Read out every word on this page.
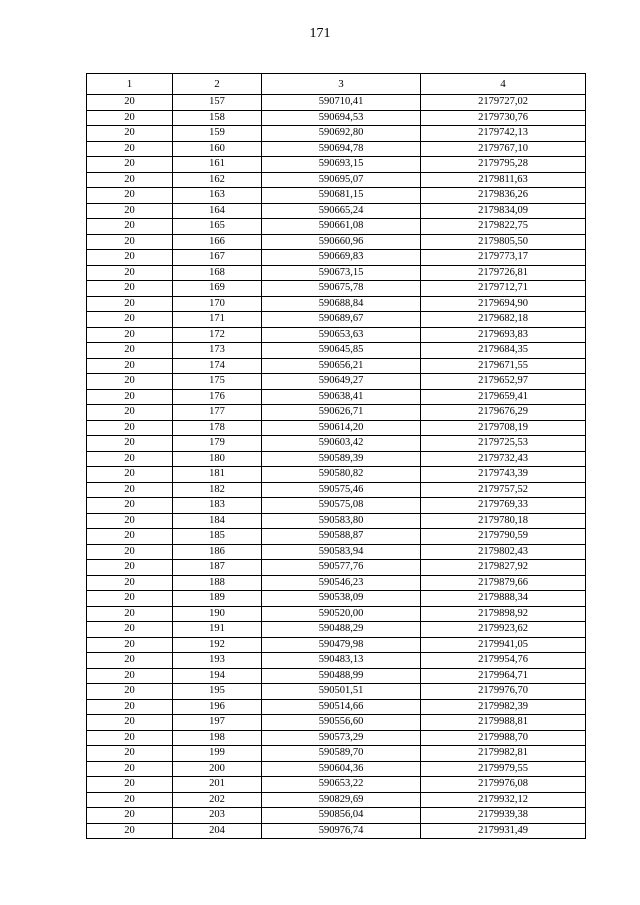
171
1	2	3	4
20	157	590710,41	2179727,02
20	158	590694,53	2179730,76
20	159	590692,80	2179742,13
20	160	590694,78	2179767,10
20	161	590693,15	2179795,28
20	162	590695,07	2179811,63
20	163	590681,15	2179836,26
20	164	590665,24	2179834,09
20	165	590661,08	2179822,75
20	166	590660,96	2179805,50
20	167	590669,83	2179773,17
20	168	590673,15	2179726,81
20	169	590675,78	2179712,71
20	170	590688,84	2179694,90
20	171	590689,67	2179682,18
20	172	590653,63	2179693,83
20	173	590645,85	2179684,35
20	174	590656,21	2179671,55
20	175	590649,27	2179652,97
20	176	590638,41	2179659,41
20	177	590626,71	2179676,29
20	178	590614,20	2179708,19
20	179	590603,42	2179725,53
20	180	590589,39	2179732,43
20	181	590580,82	2179743,39
20	182	590575,46	2179757,52
20	183	590575,08	2179769,33
20	184	590583,80	2179780,18
20	185	590588,87	2179790,59
20	186	590583,94	2179802,43
20	187	590577,76	2179827,92
20	188	590546,23	2179879,66
20	189	590538,09	2179888,34
20	190	590520,00	2179898,92
20	191	590488,29	2179923,62
20	192	590479,98	2179941,05
20	193	590483,13	2179954,76
20	194	590488,99	2179964,71
20	195	590501,51	2179976,70
20	196	590514,66	2179982,39
20	197	590556,60	2179988,81
20	198	590573,29	2179988,70
20	199	590589,70	2179982,81
20	200	590604,36	2179979,55
20	201	590653,22	2179976,08
20	202	590829,69	2179932,12
20	203	590856,04	2179939,38
20	204	590976,74	2179931,49
